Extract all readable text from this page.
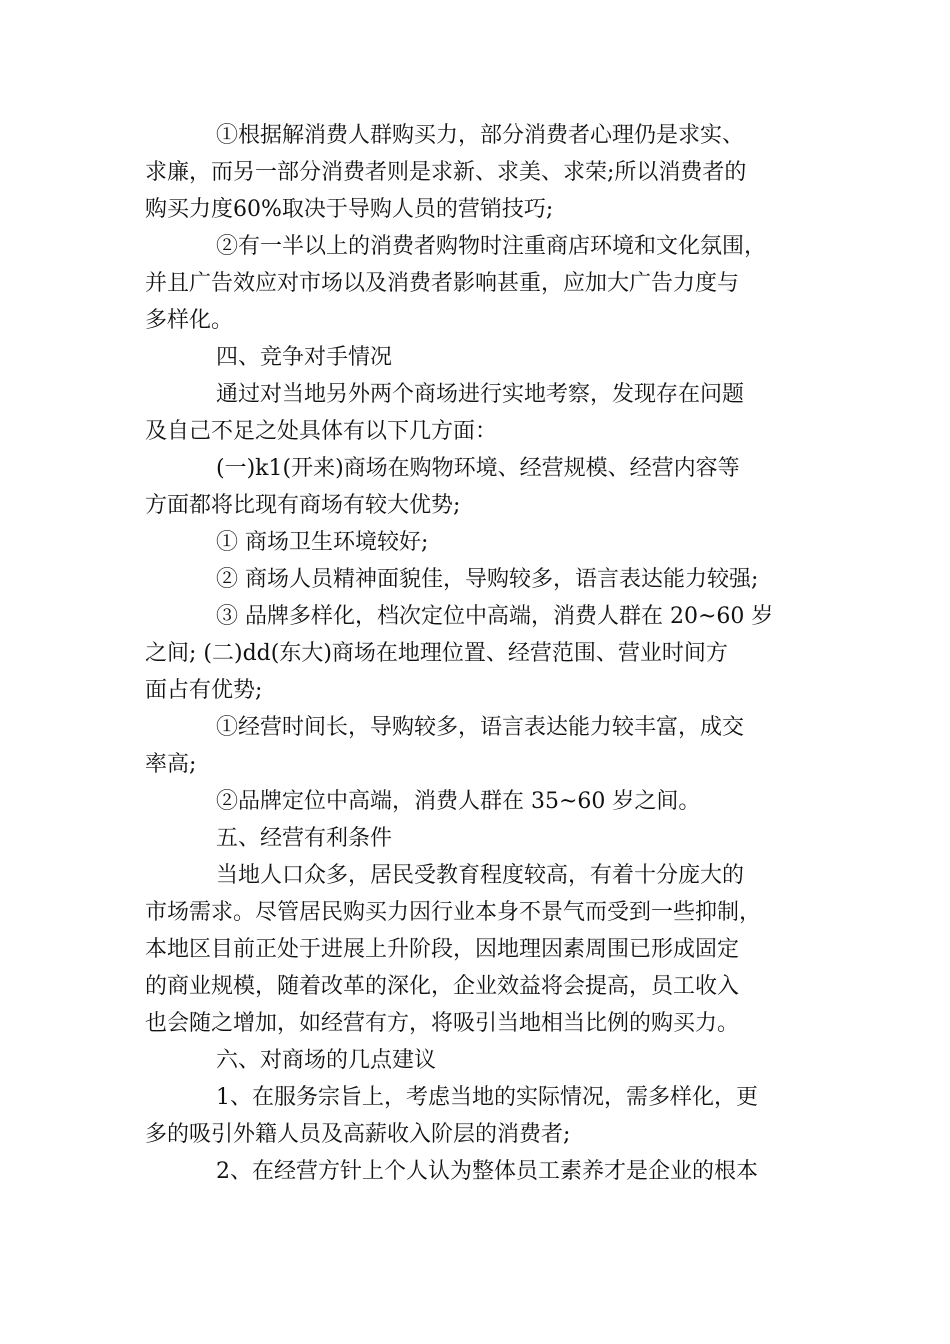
①根据解消费人群购买力，部分消费者心理仍是求实、
求廉，而另一部分消费者则是求新、求美、求荣;所以消费者的
购买力度60%取决于导购人员的营销技巧;
②有一半以上的消费者购物时注重商店环境和文化氛围，
并且广告效应对市场以及消费者影响甚重，应加大广告力度与
多样化。
四、竞争对手情况
通过对当地另外两个商场进行实地考察，发现存在问题
及自己不足之处具体有以下几方面：
(一)k1(开来)商场在购物环境、经营规模、经营内容等
方面都将比现有商场有较大优势;
① 商场卫生环境较好;
② 商场人员精神面貌佳，导购较多，语言表达能力较强;
③ 品牌多样化，档次定位中高端，消费人群在 20~60 岁
之间; (二)dd(东大)商场在地理位置、经营范围、营业时间方
面占有优势;
①经营时间长，导购较多，语言表达能力较丰富，成交
率高;
②品牌定位中高端，消费人群在 35~60 岁之间。
五、经营有利条件
当地人口众多，居民受教育程度较高，有着十分庞大的
市场需求。尽管居民购买力因行业本身不景气而受到一些抑制，
本地区目前正处于进展上升阶段，因地理因素周围已形成固定
的商业规模，随着改革的深化，企业效益将会提高，员工收入
也会随之增加，如经营有方，将吸引当地相当比例的购买力。
六、对商场的几点建议
1、在服务宗旨上，考虑当地的实际情况，需多样化，更
多的吸引外籍人员及高薪收入阶层的消费者;
2、在经营方针上个人认为整体员工素养才是企业的根本
